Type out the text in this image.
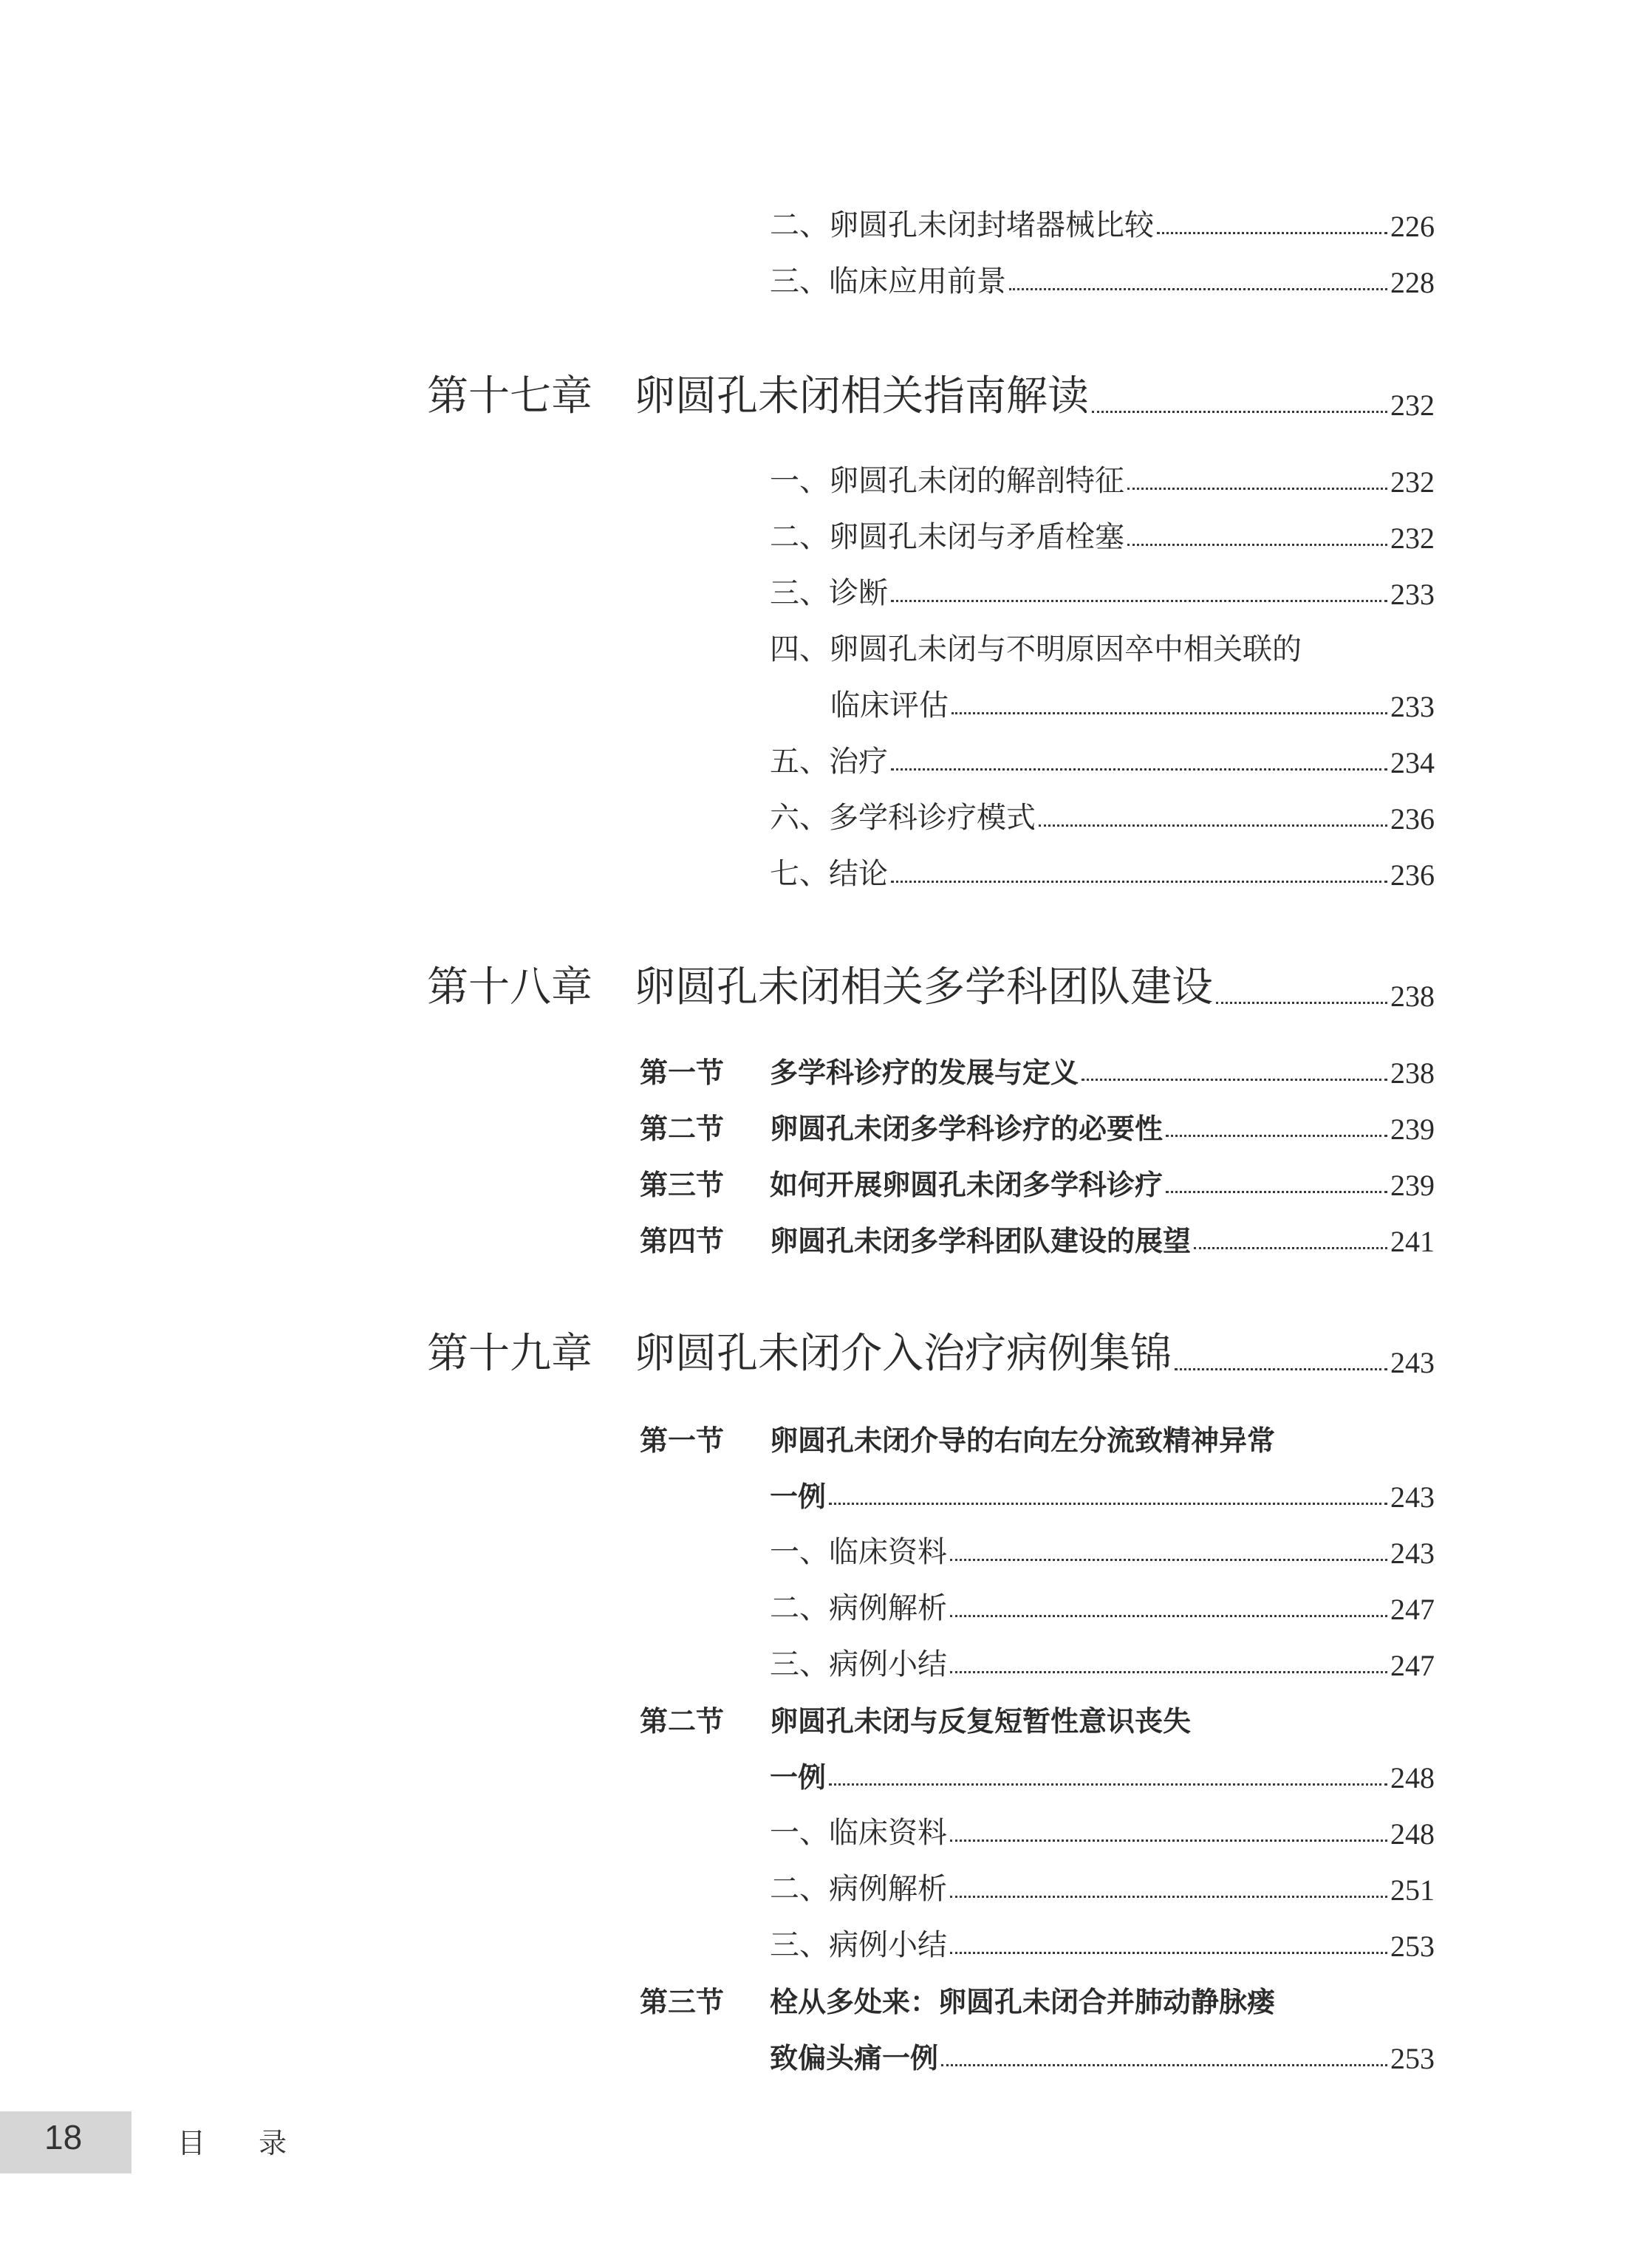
二、 卵圆孔未闭封堵器械比较	226
三、 临床应用前景	228
第十七章 卵圆孔未闭相关指南解读	232
一、 卵圆孔未闭的解剖特征	232
二、 卵圆孔未闭与矛盾栓塞	232
三、 诊断	233
四、 卵圆孔未闭与不明原因卒中相关联的
临床评估	233
五、 治疗	234
六、 多学科诊疗模式	236
七、 结论	236
第十八章 卵圆孔未闭相关多学科团队建设	238
第一节	多学科诊疗的发展与定义	238
第二节	卵圆孔未闭多学科诊疗的必要性	239
第三节	如何开展卵圆孔未闭多学科诊疗	239
第四节	卵圆孔未闭多学科团队建设的展望	241
第十九章 卵圆孔未闭介入治疗病例集锦	243
第一节	卵圆孔未闭介导的右向左分流致精神异常
一例	243
一、 临床资料	243
二、 病例解析	247
三、 病例小结	247
第二节	卵圆孔未闭与反复短暂性意识丧失
一例	248
一、 临床资料	248
二、 病例解析	251
三、 病例小结	253
第三节	栓从多处来：卵圆孔未闭合并肺动静脉瘘
致偏头痛一例	253
18	目 录
